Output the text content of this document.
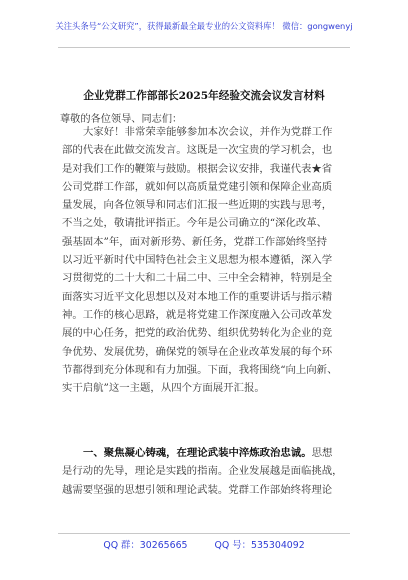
关注头条号“公文研究”，获得最新最全最专业的公文资料库！ 微信：gongwenyj
企业党群工作部部长2025年经验交流会议发言材料
尊敬的各位领导、同志们：
大家好！非常荣幸能够参加本次会议，并作为党群工作
部的代表在此做交流发言。这既是一次宝贵的学习机会，也
是对我们工作的鞭策与鼓励。根据会议安排，我谨代表★省
公司党群工作部，就如何以高质量党建引领和保障企业高质
量发展，向各位领导和同志们汇报一些近期的实践与思考，
不当之处，敬请批评指正。今年是公司确立的“深化改革、
强基固本”年，面对新形势、新任务，党群工作部始终坚持
以习近平新时代中国特色社会主义思想为根本遵循，深入学
习贯彻党的二十大和二十届二中、三中全会精神，特别是全
面落实习近平文化思想以及对本地工作的重要讲话与指示精
神。工作的核心思路，就是将党建工作深度融入公司改革发
展的中心任务，把党的政治优势、组织优势转化为企业的竞
争优势、发展优势，确保党的领导在企业改革发展的每个环
节都得到充分体现和有力加强。下面，我将围绕“向上向新、
实干启航”这一主题，从四个方面展开汇报。
一、聚焦凝心铸魂，在理论武装中淬炼政治忠诚。思想
是行动的先导，理论是实践的指南。企业发展越是面临挑战，
越需要坚强的思想引领和理论武装。党群工作部始终将理论
QQ 群：30265665	QQ 号：535304092
